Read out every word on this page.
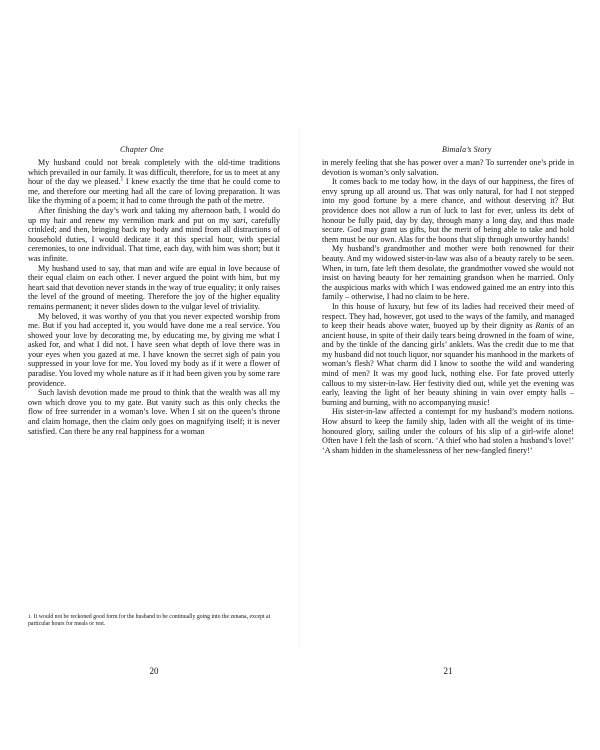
Chapter One

My husband could not break completely with the old-time traditions which prevailed in our family. It was difficult, therefore, for us to meet at any hour of the day we pleased.$^1$ I knew exactly the time that he could come to me, and therefore our meeting had all the care of loving preparation. It was like the rhyming of a poem; it had to come through the path of the metre.

After finishing the day’s work and taking my afternoon bath, I would do up my hair and renew my vermilion mark and put on my sari, carefully crinkled; and then, bringing back my body and mind from all distractions of household duties, I would dedicate it at this special hour, with special ceremonies, to one individual. That time, each day, with him was short; but it was infinite.

My husband used to say, that man and wife are equal in love because of their equal claim on each other. I never argued the point with him, but my heart said that devotion never stands in the way of true equality; it only raises the level of the ground of meeting. Therefore the joy of the higher equality remains permanent; it never slides down to the vulgar level of triviality.

My beloved, it was worthy of you that you never expected worship from me. But if you had accepted it, you would have done me a real service. You showed your love by decorating me, by educating me, by giving me what I asked for, and what I did not. I have seen what depth of love there was in your eyes when you gazed at me. I have known the secret sigh of pain you suppressed in your love for me. You loved my body as if it were a flower of paradise. You loved my whole nature as if it had been given you by some rare providence.

Such lavish devotion made me proud to think that the wealth was all my own which drove you to my gate. But vanity such as this only checks the flow of free surrender in a woman’s love. When I sit on the queen’s throne and claim homage, then the claim only goes on magnifying itself; it is never satisfied. Can there be any real happiness for a woman

1. It would not be reckoned good form for the husband to be continually going into the zenana, except at particular hours for meals or rest.
20
Bimala’s Story

in merely feeling that she has power over a man? To surrender one’s pride in devotion is woman’s only salvation.

It comes back to me today how, in the days of our happiness, the fires of envy sprung up all around us. That was only natural, for had I not stepped into my good fortune by a mere chance, and without deserving it? But providence does not allow a run of luck to last for ever, unless its debt of honour be fully paid, day by day, through many a long day, and thus made secure. God may grant us gifts, but the merit of being able to take and hold them must be our own. Alas for the boons that slip through unworthy hands!

My husband’s grandmother and mother were both renowned for their beauty. And my widowed sister-in-law was also of a beauty rarely to be seen. When, in turn, fate left them desolate, the grandmother vowed she would not insist on having beauty for her remaining grandson when he married. Only the auspicious marks with which I was endowed gained me an entry into this family – otherwise, I had no claim to be here.

In this house of luxury, but few of its ladies had received their meed of respect. They had, however, got used to the ways of the family, and managed to keep their heads above water, buoyed up by their dignity as Ranis of an ancient house, in spite of their daily tears being drowned in the foam of wine, and by the tinkle of the dancing girls’ anklets. Was the credit due to me that my husband did not touch liquor, nor squander his manhood in the markets of woman’s flesh? What charm did I know to soothe the wild and wandering mind of men? It was my good luck, nothing else. For fate proved utterly callous to my sister-in-law. Her festivity died out, while yet the evening was early, leaving the light of her beauty shining in vain over empty halls – burning and burning, with no accompanying music!

His sister-in-law affected a contempt for my husband’s modern notions. How absurd to keep the family ship, laden with all the weight of its time-honoured glory, sailing under the colours of his slip of a girl-wife alone! Often have I felt the lash of scorn. ‘A thief who had stolen a husband’s love!’ ‘A sham hidden in the shamelessness of her new-fangled finery!’

21
